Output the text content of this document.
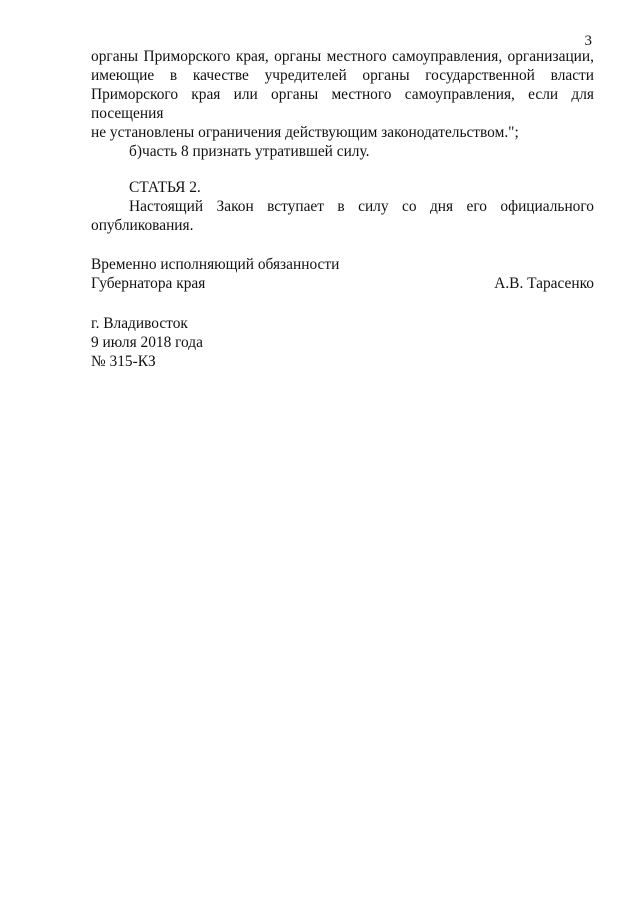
3
органы Приморского края, органы местного самоуправления, организации,
имеющие в качестве учредителей органы государственной власти
Приморского края или органы местного самоуправления, если для посещения
не установлены ограничения действующим законодательством.";
б)часть 8 признать утратившей силу.
СТАТЬЯ 2.
Настоящий Закон вступает в силу со дня его официального
опубликования.
Временно исполняющий обязанности
Губернатора края	А.В. Тарасенко
г. Владивосток
9 июля 2018 года
№ 315-КЗ
